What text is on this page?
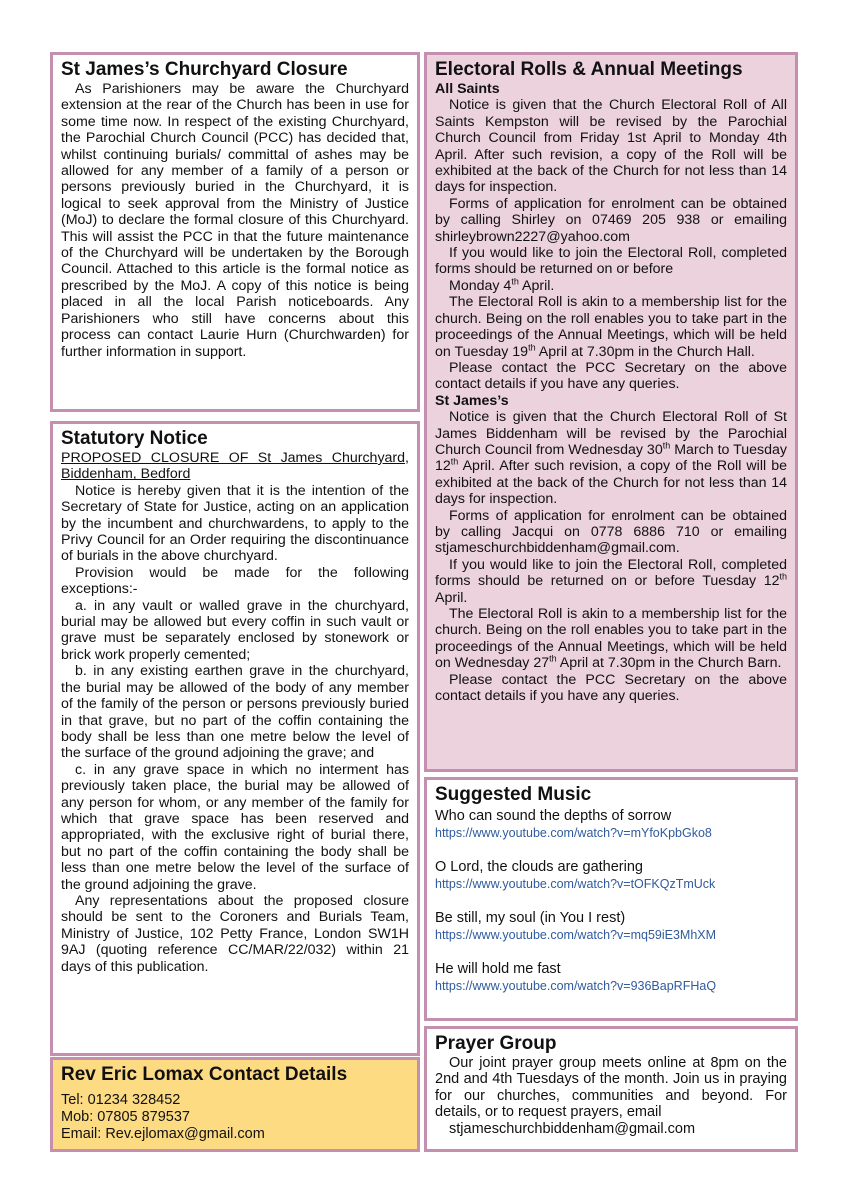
St James’s Churchyard Closure

As Parishioners may be aware the Churchyard extension at the rear of the Church has been in use for some time now. In respect of the existing Churchyard, the Parochial Church Council (PCC) has decided that, whilst continuing burials/ committal of ashes may be allowed for any member of a family of a person or persons previously buried in the Churchyard, it is logical to seek approval from the Ministry of Justice (MoJ) to declare the formal closure of this Churchyard. This will assist the PCC in that the future maintenance of the Churchyard will be undertaken by the Borough Council. Attached to this article is the formal notice as prescribed by the MoJ. A copy of this notice is being placed in all the local Parish noticeboards. Any Parishioners who still have concerns about this process can contact Laurie Hurn (Churchwarden) for further information in support.

Statutory Notice

PROPOSED CLOSURE OF St James Churchyard, Biddenham, Bedford

Notice is hereby given that it is the intention of the Secretary of State for Justice, acting on an application by the incumbent and churchwardens, to apply to the Privy Council for an Order requiring the discontinuance of burials in the above churchyard.

Provision would be made for the following exceptions:-

a. in any vault or walled grave in the churchyard, burial may be allowed but every coffin in such vault or grave must be separately enclosed by stonework or brick work properly cemented;

b. in any existing earthen grave in the churchyard, the burial may be allowed of the body of any member of the family of the person or persons previously buried in that grave, but no part of the coffin containing the body shall be less than one metre below the level of the surface of the ground adjoining the grave; and

c. in any grave space in which no interment has previously taken place, the burial may be allowed of any person for whom, or any member of the family for which that grave space has been reserved and appropriated, with the exclusive right of burial there, but no part of the coffin containing the body shall be less than one metre below the level of the surface of the ground adjoining the grave.

Any representations about the proposed closure should be sent to the Coroners and Burials Team, Ministry of Justice, 102 Petty France, London SW1H 9AJ (quoting reference CC/MAR/22/032) within 21 days of this publication.

Rev Eric Lomax Contact Details
Tel: 01234 328452
Mob: 07805 879537
Email: Rev.ejlomax@gmail.com
Electoral Rolls & Annual Meetings

All Saints

Notice is given that the Church Electoral Roll of All Saints Kempston will be revised by the Parochial Church Council from Friday 1st April to Monday 4th April. After such revision, a copy of the Roll will be exhibited at the back of the Church for not less than 14 days for inspection.

Forms of application for enrolment can be obtained by calling Shirley on 07469 205 938 or emailing shirleybrown2227@yahoo.com

If you would like to join the Electoral Roll, completed forms should be returned on or before

Monday 4th April.

The Electoral Roll is akin to a membership list for the church. Being on the roll enables you to take part in the proceedings of the Annual Meetings, which will be held on Tuesday 19th April at 7.30pm in the Church Hall.

Please contact the PCC Secretary on the above contact details if you have any queries.

St James’s

Notice is given that the Church Electoral Roll of St James Biddenham will be revised by the Parochial Church Council from Wednesday 30th March to Tuesday 12th April. After such revision, a copy of the Roll will be exhibited at the back of the Church for not less than 14 days for inspection.

Forms of application for enrolment can be obtained by calling Jacqui on 0778 6886 710 or emailing stjameschurchbiddenham@gmail.com.

If you would like to join the Electoral Roll, completed forms should be returned on or before Tuesday 12th April.

The Electoral Roll is akin to a membership list for the church. Being on the roll enables you to take part in the proceedings of the Annual Meetings, which will be held on Wednesday 27th April at 7.30pm in the Church Barn.

Please contact the PCC Secretary on the above contact details if you have any queries.

Suggested Music
Who can sound the depths of sorrow
https://www.youtube.com/watch?v=mYfoKpbGko8
O Lord, the clouds are gathering
https://www.youtube.com/watch?v=tOFKQzTmUck
Be still, my soul (in You I rest)
https://www.youtube.com/watch?v=mq59iE3MhXM
He will hold me fast
https://www.youtube.com/watch?v=936BapRFHaQ
Prayer Group

Our joint prayer group meets online at 8pm on the 2nd and 4th Tuesdays of the month. Join us in praying for our churches, communities and beyond. For details, or to request prayers, email

stjameschurchbiddenham@gmail.com
